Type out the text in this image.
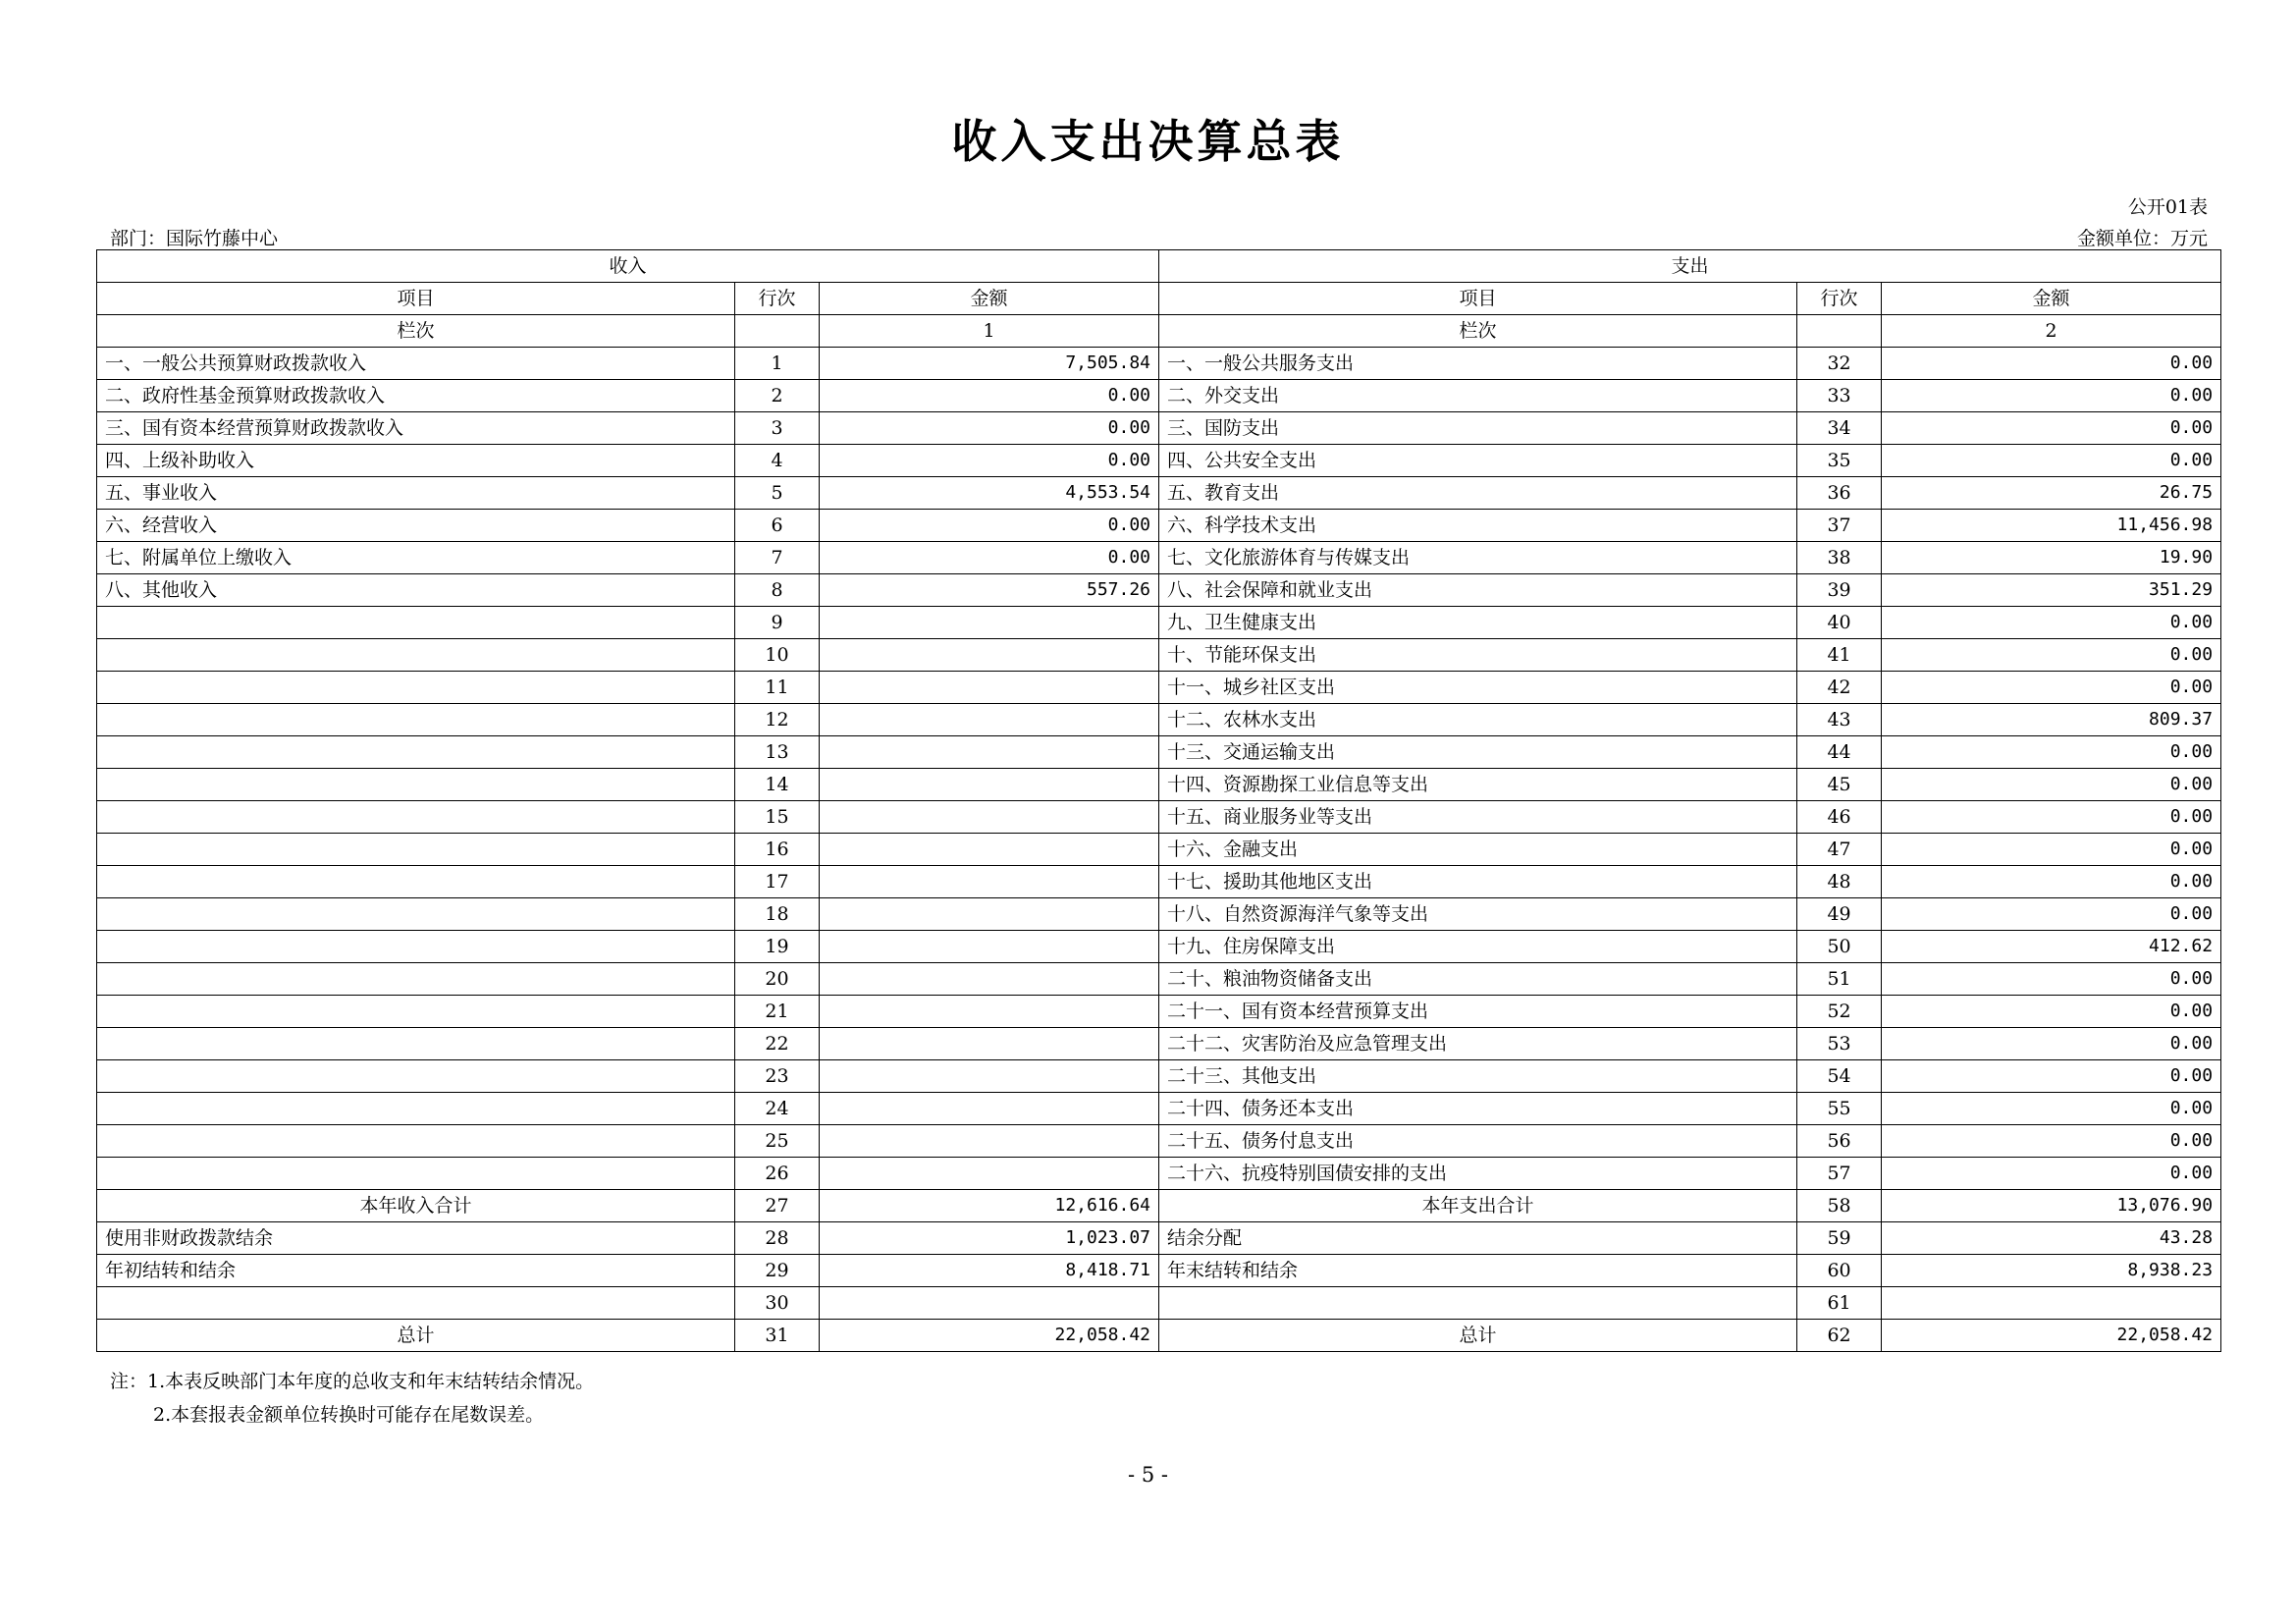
收入支出决算总表
公开01表
部门：国际竹藤中心	金额单位：万元
收入			支出		
项目	行次	金额	项目	行次	金额
栏次		1	栏次		2
一、一般公共预算财政拨款收入	1	7,505.84	一、一般公共服务支出	32	0.00
二、政府性基金预算财政拨款收入	2	0.00	二、外交支出	33	0.00
三、国有资本经营预算财政拨款收入	3	0.00	三、国防支出	34	0.00
四、上级补助收入	4	0.00	四、公共安全支出	35	0.00
五、事业收入	5	4,553.54	五、教育支出	36	26.75
六、经营收入	6	0.00	六、科学技术支出	37	11,456.98
七、附属单位上缴收入	7	0.00	七、文化旅游体育与传媒支出	38	19.90
八、其他收入	8	557.26	八、社会保障和就业支出	39	351.29
	9		九、卫生健康支出	40	0.00
	10		十、节能环保支出	41	0.00
	11		十一、城乡社区支出	42	0.00
	12		十二、农林水支出	43	809.37
	13		十三、交通运输支出	44	0.00
	14		十四、资源勘探工业信息等支出	45	0.00
	15		十五、商业服务业等支出	46	0.00
	16		十六、金融支出	47	0.00
	17		十七、援助其他地区支出	48	0.00
	18		十八、自然资源海洋气象等支出	49	0.00
	19		十九、住房保障支出	50	412.62
	20		二十、粮油物资储备支出	51	0.00
	21		二十一、国有资本经营预算支出	52	0.00
	22		二十二、灾害防治及应急管理支出	53	0.00
	23		二十三、其他支出	54	0.00
	24		二十四、债务还本支出	55	0.00
	25		二十五、债务付息支出	56	0.00
	26		二十六、抗疫特别国债安排的支出	57	0.00
本年收入合计	27	12,616.64	本年支出合计	58	13,076.90
使用非财政拨款结余	28	1,023.07	结余分配	59	43.28
年初结转和结余	29	8,418.71	年末结转和结余	60	8,938.23
	30			61	
总计	31	22,058.42	总计	62	22,058.42
注：1.本表反映部门本年度的总收支和年末结转结余情况。
2.本套报表金额单位转换时可能存在尾数误差。
- 5 -
